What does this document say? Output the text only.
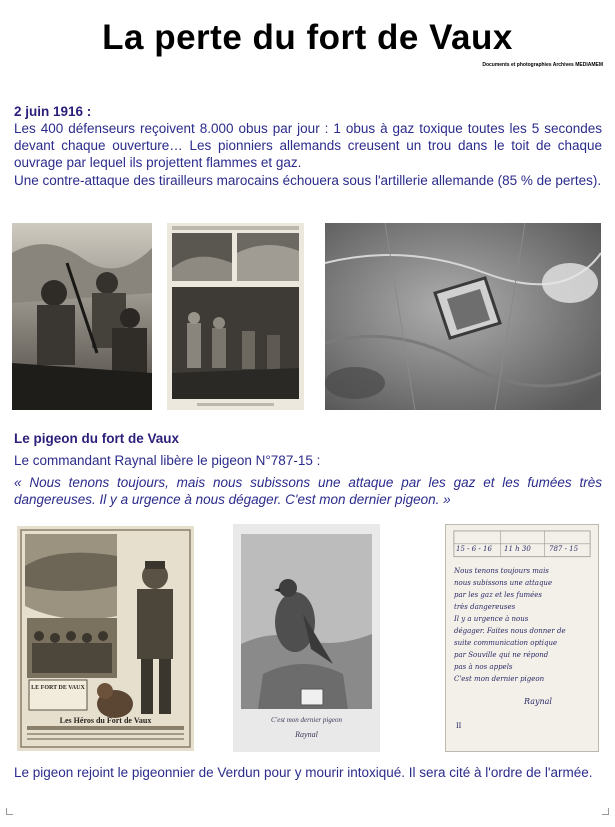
La perte du fort de Vaux
Documents et photographies Archives MEDIAMEM
2 juin 1916 :
Les 400 défenseurs reçoivent 8.000 obus par jour : 1 obus à gaz toxique toutes les 5 secondes devant chaque ouverture… Les pionniers allemands creusent un trou dans le toit de chaque ouvrage par lequel ils projettent flammes et gaz.
Une contre-attaque des tirailleurs marocains échouera sous l'artillerie allemande (85 % de pertes).
Le pigeon du fort de Vaux
Le commandant Raynal libère le pigeon N°787-15 :
« Nous tenons toujours, mais nous subissons une attaque par les gaz et les fumées très dangereuses. Il y a urgence à nous dégager. C'est mon dernier pigeon. »
LE FORT DE VAUX
Les Héros du Fort de Vaux	C'est mon dernier pigeon
Raynal
15 - 6 - 16 11 h 30	787 - 15
Nous tenons toujours mais
nous subissons une attaque
par les gaz et les fumées
très dangereuses
Il y a urgence à nous
dégager. Faites nous donner de
suite communication optique
par Souville qui ne répond
pas à nos appels
C'est mon dernier pigeon
Raynal
II
Le pigeon rejoint le pigeonnier de Verdun pour y mourir intoxiqué. Il sera cité à l'ordre de l'armée.
